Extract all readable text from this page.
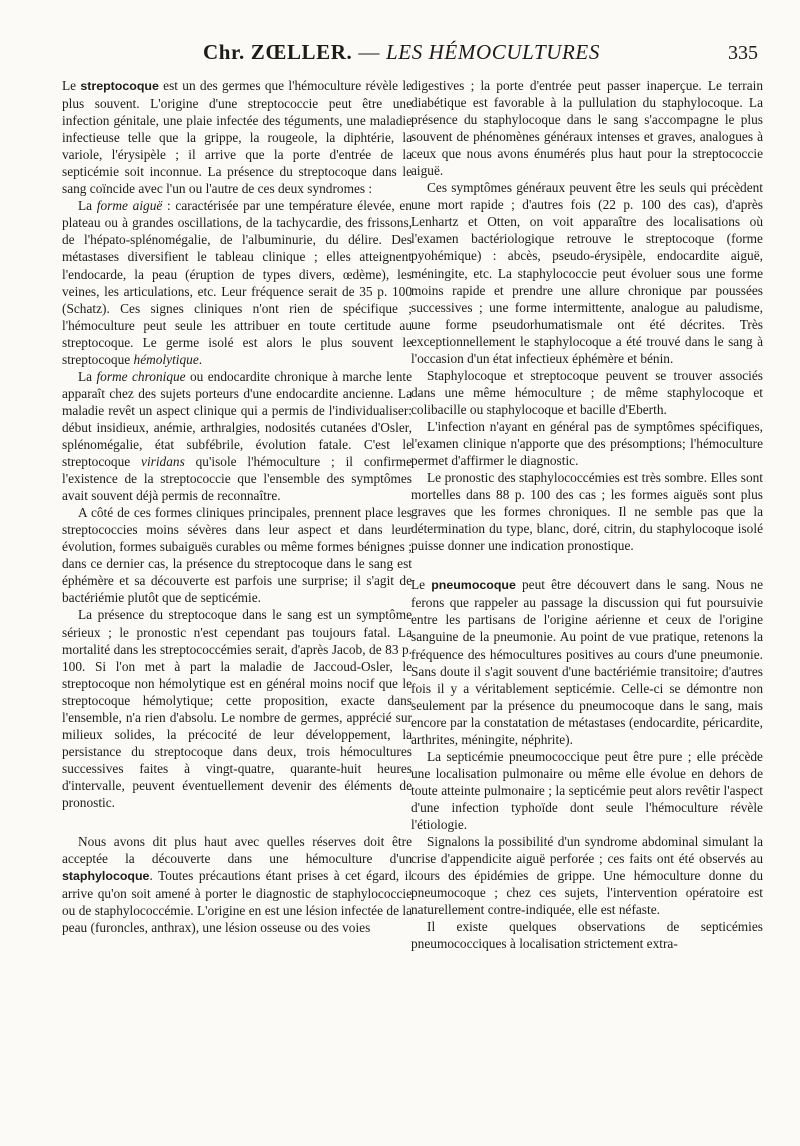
Chr. ZŒLLER. — LES HÉMOCULTURES	335

Le streptocoque est un des germes que l'hémoculture révèle le plus souvent. L'origine d'une streptococcie peut être une infection génitale, une plaie infectée des téguments, une maladie infectieuse telle que la grippe, la rougeole, la diphtérie, la variole, l'érysipèle ; il arrive que la porte d'entrée de la septicémie soit inconnue. La présence du streptocoque dans le sang coïncide avec l'un ou l'autre de ces deux syndromes :

La forme aiguë : caractérisée par une température élevée, en plateau ou à grandes oscillations, de la tachycardie, des frissons, de l'hépato-splénomégalie, de l'albuminurie, du délire. Des métastases diversifient le tableau clinique ; elles atteignent l'endocarde, la peau (éruption de types divers, œdème), les veines, les articulations, etc. Leur fréquence serait de 35 p. 100 (Schatz). Ces signes cliniques n'ont rien de spécifique ; l'hémoculture peut seule les attribuer en toute certitude au streptocoque. Le germe isolé est alors le plus souvent le streptocoque hémolytique.

La forme chronique ou endocardite chronique à marche lente apparaît chez des sujets porteurs d'une endocardite ancienne. La maladie revêt un aspect clinique qui a permis de l'individualiser: début insidieux, anémie, arthralgies, nodosités cutanées d'Osler, splénomégalie, état subfébrile, évolution fatale. C'est le streptocoque viridans qu'isole l'hémoculture ; il confirme l'existence de la streptococcie que l'ensemble des symptômes avait souvent déjà permis de reconnaître.

A côté de ces formes cliniques principales, prennent place les streptococcies moins sévères dans leur aspect et dans leur évolution, formes subaiguës curables ou même formes bénignes ; dans ce dernier cas, la présence du streptocoque dans le sang est éphémère et sa découverte est parfois une surprise; il s'agit de bactériémie plutôt que de septicémie.

La présence du streptocoque dans le sang est un symptôme sérieux ; le pronostic n'est cependant pas toujours fatal. La mortalité dans les streptococcémies serait, d'après Jacob, de 83 p. 100. Si l'on met à part la maladie de Jaccoud-Osler, le streptocoque non hémolytique est en général moins nocif que le streptocoque hémolytique; cette proposition, exacte dans l'ensemble, n'a rien d'absolu. Le nombre de germes, apprécié sur milieux solides, la précocité de leur développement, la persistance du streptocoque dans deux, trois hémocultures successives faites à vingt-quatre, quarante-huit heures d'intervalle, peuvent éventuellement devenir des éléments de pronostic.

Nous avons dit plus haut avec quelles réserves doit être acceptée la découverte dans une hémoculture d'un staphylocoque. Toutes précautions étant prises à cet égard, il arrive qu'on soit amené à porter le diagnostic de staphylococcie ou de staphylococcémie. L'origine en est une lésion infectée de la peau (furoncles, anthrax), une lésion osseuse ou des voies

digestives ; la porte d'entrée peut passer inaperçue. Le terrain diabétique est favorable à la pullulation du staphylocoque. La présence du staphylocoque dans le sang s'accompagne le plus souvent de phénomènes généraux intenses et graves, analogues à ceux que nous avons énumérés plus haut pour la streptococcie aiguë.

Ces symptômes généraux peuvent être les seuls qui précèdent une mort rapide ; d'autres fois (22 p. 100 des cas), d'après Lenhartz et Otten, on voit apparaître des localisations où l'examen bactériologique retrouve le streptocoque (forme pyohémique) : abcès, pseudo-érysipèle, endocardite aiguë, méningite, etc. La staphylococcie peut évoluer sous une forme moins rapide et prendre une allure chronique par poussées successives ; une forme intermittente, analogue au paludisme, une forme pseudorhumatismale ont été décrites. Très exceptionnellement le staphylocoque a été trouvé dans le sang à l'occasion d'un état infectieux éphémère et bénin.

Staphylocoque et streptocoque peuvent se trouver associés dans une même hémoculture ; de même staphylocoque et colibacille ou staphylocoque et bacille d'Eberth.

L'infection n'ayant en général pas de symptômes spécifiques, l'examen clinique n'apporte que des présomptions; l'hémoculture permet d'affirmer le diagnostic.

Le pronostic des staphylococcémies est très sombre. Elles sont mortelles dans 88 p. 100 des cas ; les formes aiguës sont plus graves que les formes chroniques. Il ne semble pas que la détermination du type, blanc, doré, citrin, du staphylocoque isolé puisse donner une indication pronostique.

Le pneumocoque peut être découvert dans le sang. Nous ne ferons que rappeler au passage la discussion qui fut poursuivie entre les partisans de l'origine aérienne et ceux de l'origine sanguine de la pneumonie. Au point de vue pratique, retenons la fréquence des hémocultures positives au cours d'une pneumonie. Sans doute il s'agit souvent d'une bactériémie transitoire; d'autres fois il y a véritablement septicémie. Celle-ci se démontre non seulement par la présence du pneumocoque dans le sang, mais encore par la constatation de métastases (endocardite, péricardite, arthrites, méningite, néphrite).

La septicémie pneumococcique peut être pure ; elle précède une localisation pulmonaire ou même elle évolue en dehors de toute atteinte pulmonaire ; la septicémie peut alors revêtir l'aspect d'une infection typhoïde dont seule l'hémoculture révèle l'étiologie.

Signalons la possibilité d'un syndrome abdominal simulant la crise d'appendicite aiguë perforée ; ces faits ont été observés au cours des épidémies de grippe. Une hémoculture donne du pneumocoque ; chez ces sujets, l'intervention opératoire est naturellement contre-indiquée, elle est néfaste.

Il existe quelques observations de septicémies pneumococciques à localisation strictement extra-
